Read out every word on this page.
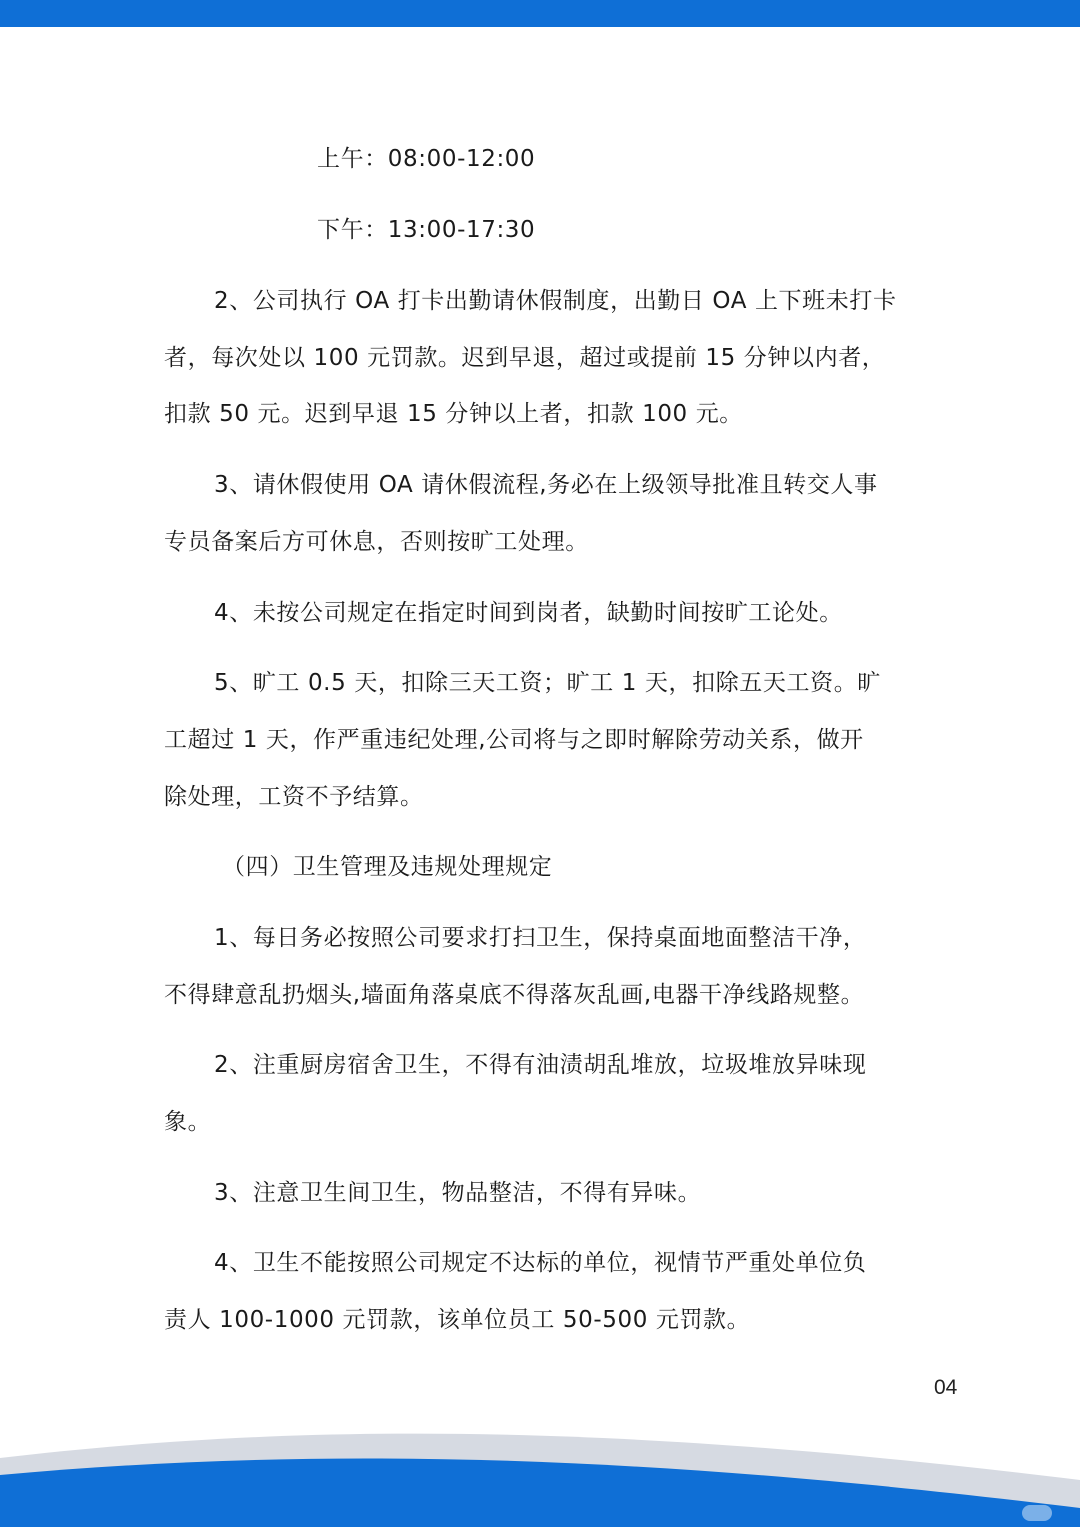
上午：08:00-12:00

下午：13:00-17:30

2、公司执行 OA 打卡出勤请休假制度，出勤日 OA 上下班未打卡

者，每次处以 100 元罚款。迟到早退，超过或提前 15 分钟以内者，

扣款 50 元。迟到早退 15 分钟以上者，扣款 100 元。

3、请休假使用 OA 请休假流程,务必在上级领导批准且转交人事

专员备案后方可休息，否则按旷工处理。

4、未按公司规定在指定时间到岗者，缺勤时间按旷工论处。

5、旷工 0.5 天，扣除三天工资；旷工 1 天，扣除五天工资。旷

工超过 1 天，作严重违纪处理,公司将与之即时解除劳动关系，做开

除处理，工资不予结算。

（四）卫生管理及违规处理规定

1、每日务必按照公司要求打扫卫生，保持桌面地面整洁干净，

不得肆意乱扔烟头,墙面角落桌底不得落灰乱画,电器干净线路规整。

2、注重厨房宿舍卫生，不得有油渍胡乱堆放，垃圾堆放异味现

象。

3、注意卫生间卫生，物品整洁，不得有异味。

4、卫生不能按照公司规定不达标的单位，视情节严重处单位负

责人 100-1000 元罚款，该单位员工 50-500 元罚款。

04
